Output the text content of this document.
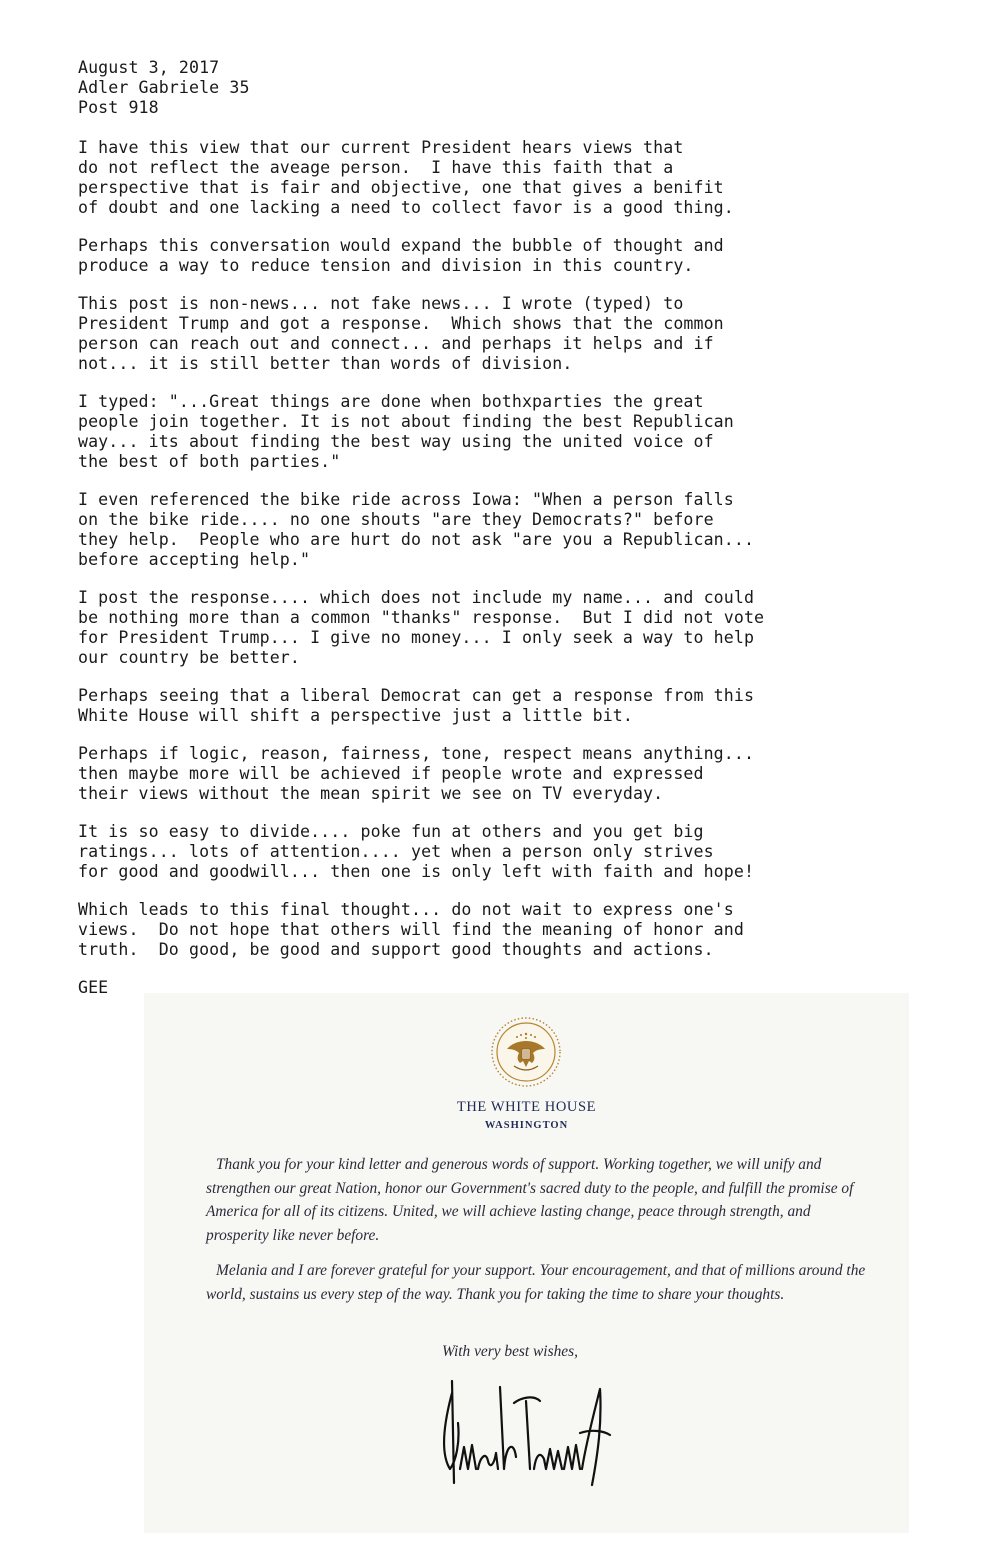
August 3, 2017
Adler Gabriele 35
Post 918

I have this view that our current President hears views that
do not reflect the aveage person.  I have this faith that a
perspective that is fair and objective, one that gives a benifit
of doubt and one lacking a need to collect favor is a good thing.

Perhaps this conversation would expand the bubble of thought and
produce a way to reduce tension and division in this country.

This post is non-news... not fake news... I wrote (typed) to
President Trump and got a response.  Which shows that the common
person can reach out and connect... and perhaps it helps and if
not... it is still better than words of division.

I typed: "...Great things are done when bothxparties the great
people join together. It is not about finding the best Republican
way... its about finding the best way using the united voice of
the best of both parties."

I even referenced the bike ride across Iowa: "When a person falls
on the bike ride.... no one shouts "are they Democrats?" before
they help.  People who are hurt do not ask "are you a Republican...
before accepting help."

I post the response.... which does not include my name... and could
be nothing more than a common "thanks" response.  But I did not vote
for President Trump... I give no money... I only seek a way to help
our country be better.

Perhaps seeing that a liberal Democrat can get a response from this
White House will shift a perspective just a little bit.

Perhaps if logic, reason, fairness, tone, respect means anything...
then maybe more will be achieved if people wrote and expressed
their views without the mean spirit we see on TV everyday.

It is so easy to divide.... poke fun at others and you get big
ratings... lots of attention.... yet when a person only strives
for good and goodwill... then one is only left with faith and hope!

Which leads to this final thought... do not wait to express one's
views.  Do not hope that others will find the meaning of honor and
truth.  Do good, be good and support good thoughts and actions.

GEE

THE WHITE HOUSE
WASHINGTON

Thank you for your kind letter and generous words of support. Working together, we will unify and strengthen our great Nation, honor our Government's sacred duty to the people, and fulfill the promise of America for all of its citizens. United, we will achieve lasting change, peace through strength, and prosperity like never before.

Melania and I are forever grateful for your support. Your encouragement, and that of millions around the world, sustains us every step of the way. Thank you for taking the time to share your thoughts.

With very best wishes,
